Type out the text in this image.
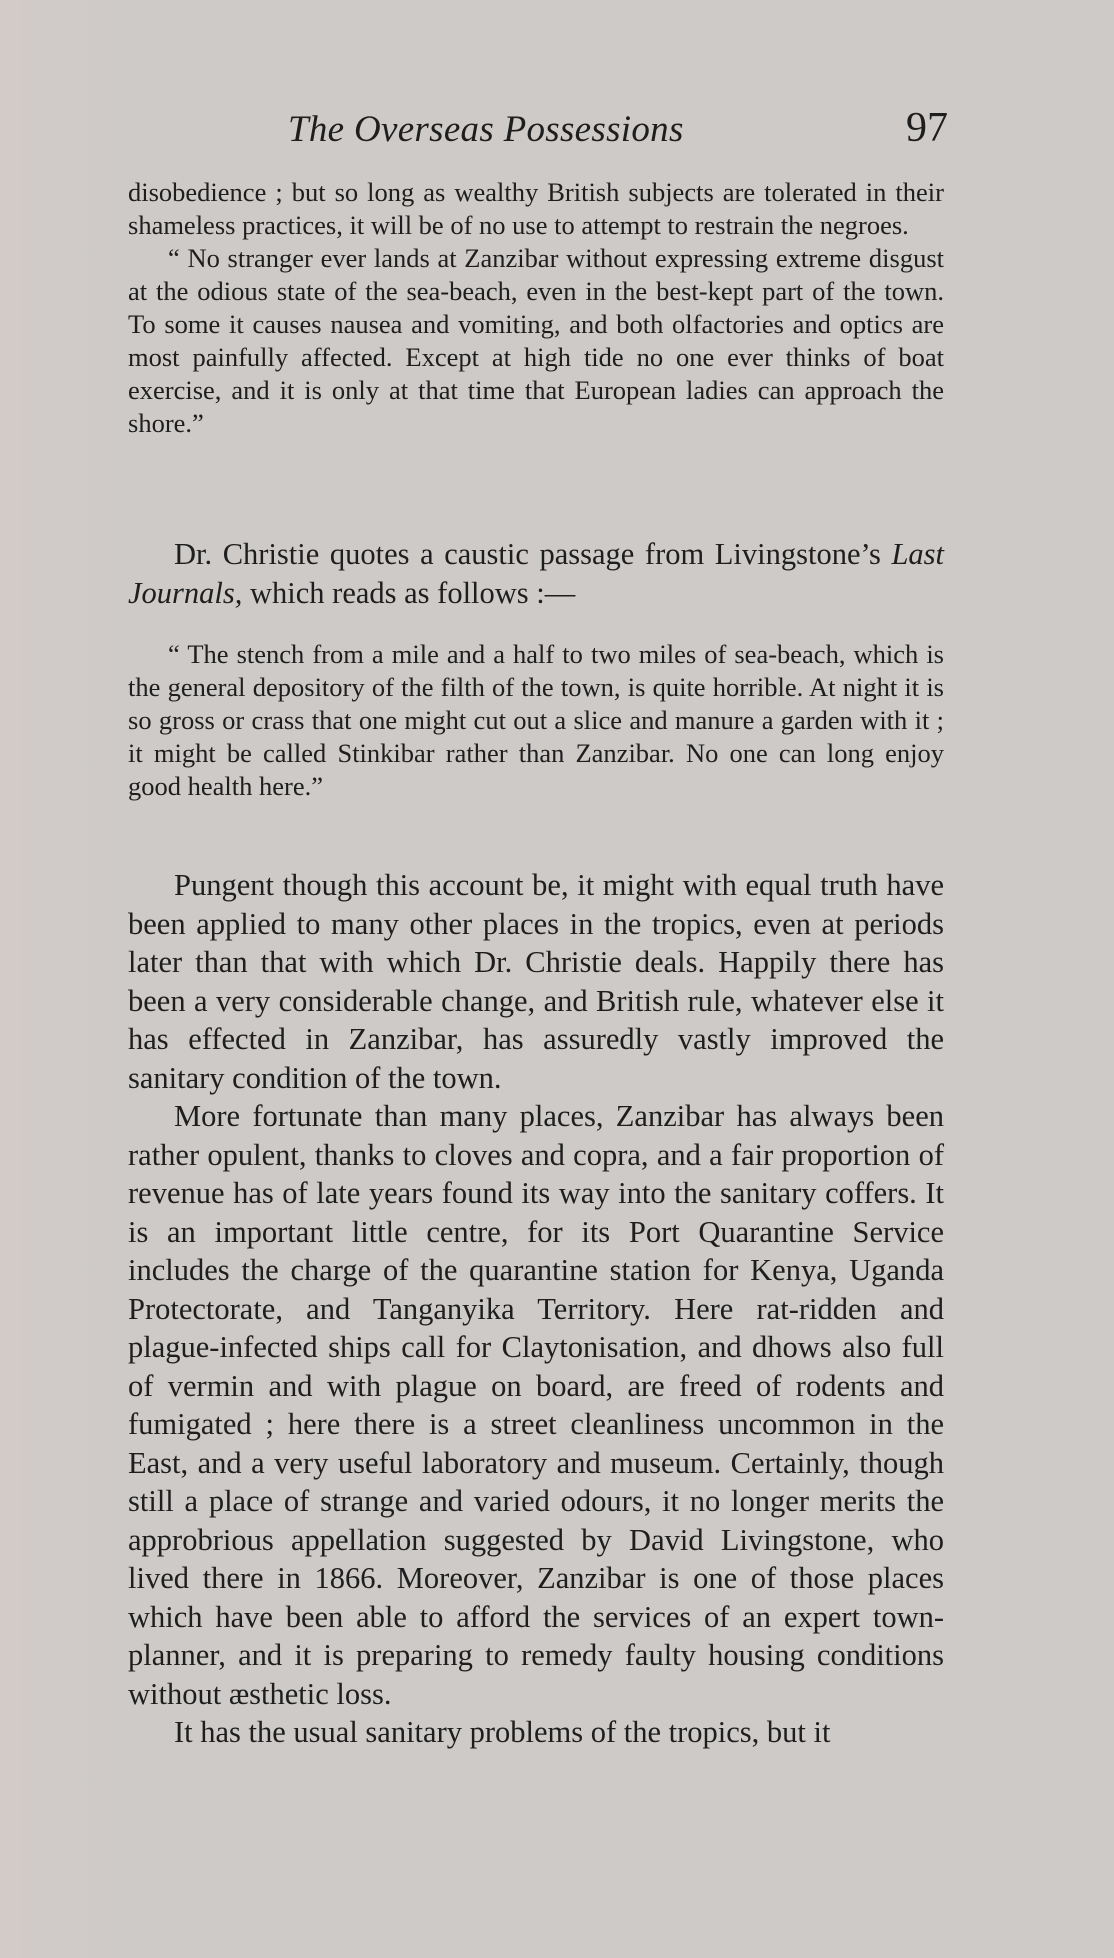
The Overseas Possessions	97

disobedience ; but so long as wealthy British subjects are tolerated in their shameless practices, it will be of no use to attempt to restrain the negroes.

“ No stranger ever lands at Zanzibar without expressing extreme disgust at the odious state of the sea-beach, even in the best-kept part of the town. To some it causes nausea and vomiting, and both olfactories and optics are most painfully affected. Except at high tide no one ever thinks of boat exercise, and it is only at that time that European ladies can approach the shore.”

Dr. Christie quotes a caustic passage from Livingstone’s Last Journals, which reads as follows :—

“ The stench from a mile and a half to two miles of sea-beach, which is the general depository of the filth of the town, is quite horrible. At night it is so gross or crass that one might cut out a slice and manure a garden with it ; it might be called Stinkibar rather than Zanzibar. No one can long enjoy good health here.”

Pungent though this account be, it might with equal truth have been applied to many other places in the tropics, even at periods later than that with which Dr. Christie deals. Happily there has been a very considerable change, and British rule, whatever else it has effected in Zanzibar, has assuredly vastly improved the sanitary condition of the town.

More fortunate than many places, Zanzibar has always been rather opulent, thanks to cloves and copra, and a fair proportion of revenue has of late years found its way into the sanitary coffers. It is an important little centre, for its Port Quarantine Service includes the charge of the quarantine station for Kenya, Uganda Protectorate, and Tanganyika Territory. Here rat-ridden and plague-infected ships call for Claytonisation, and dhows also full of vermin and with plague on board, are freed of rodents and fumigated ; here there is a street cleanliness uncommon in the East, and a very useful laboratory and museum. Certainly, though still a place of strange and varied odours, it no longer merits the approbrious appellation suggested by David Livingstone, who lived there in 1866. Moreover, Zanzibar is one of those places which have been able to afford the services of an expert town-planner, and it is preparing to remedy faulty housing conditions without æsthetic loss.

It has the usual sanitary problems of the tropics, but it
